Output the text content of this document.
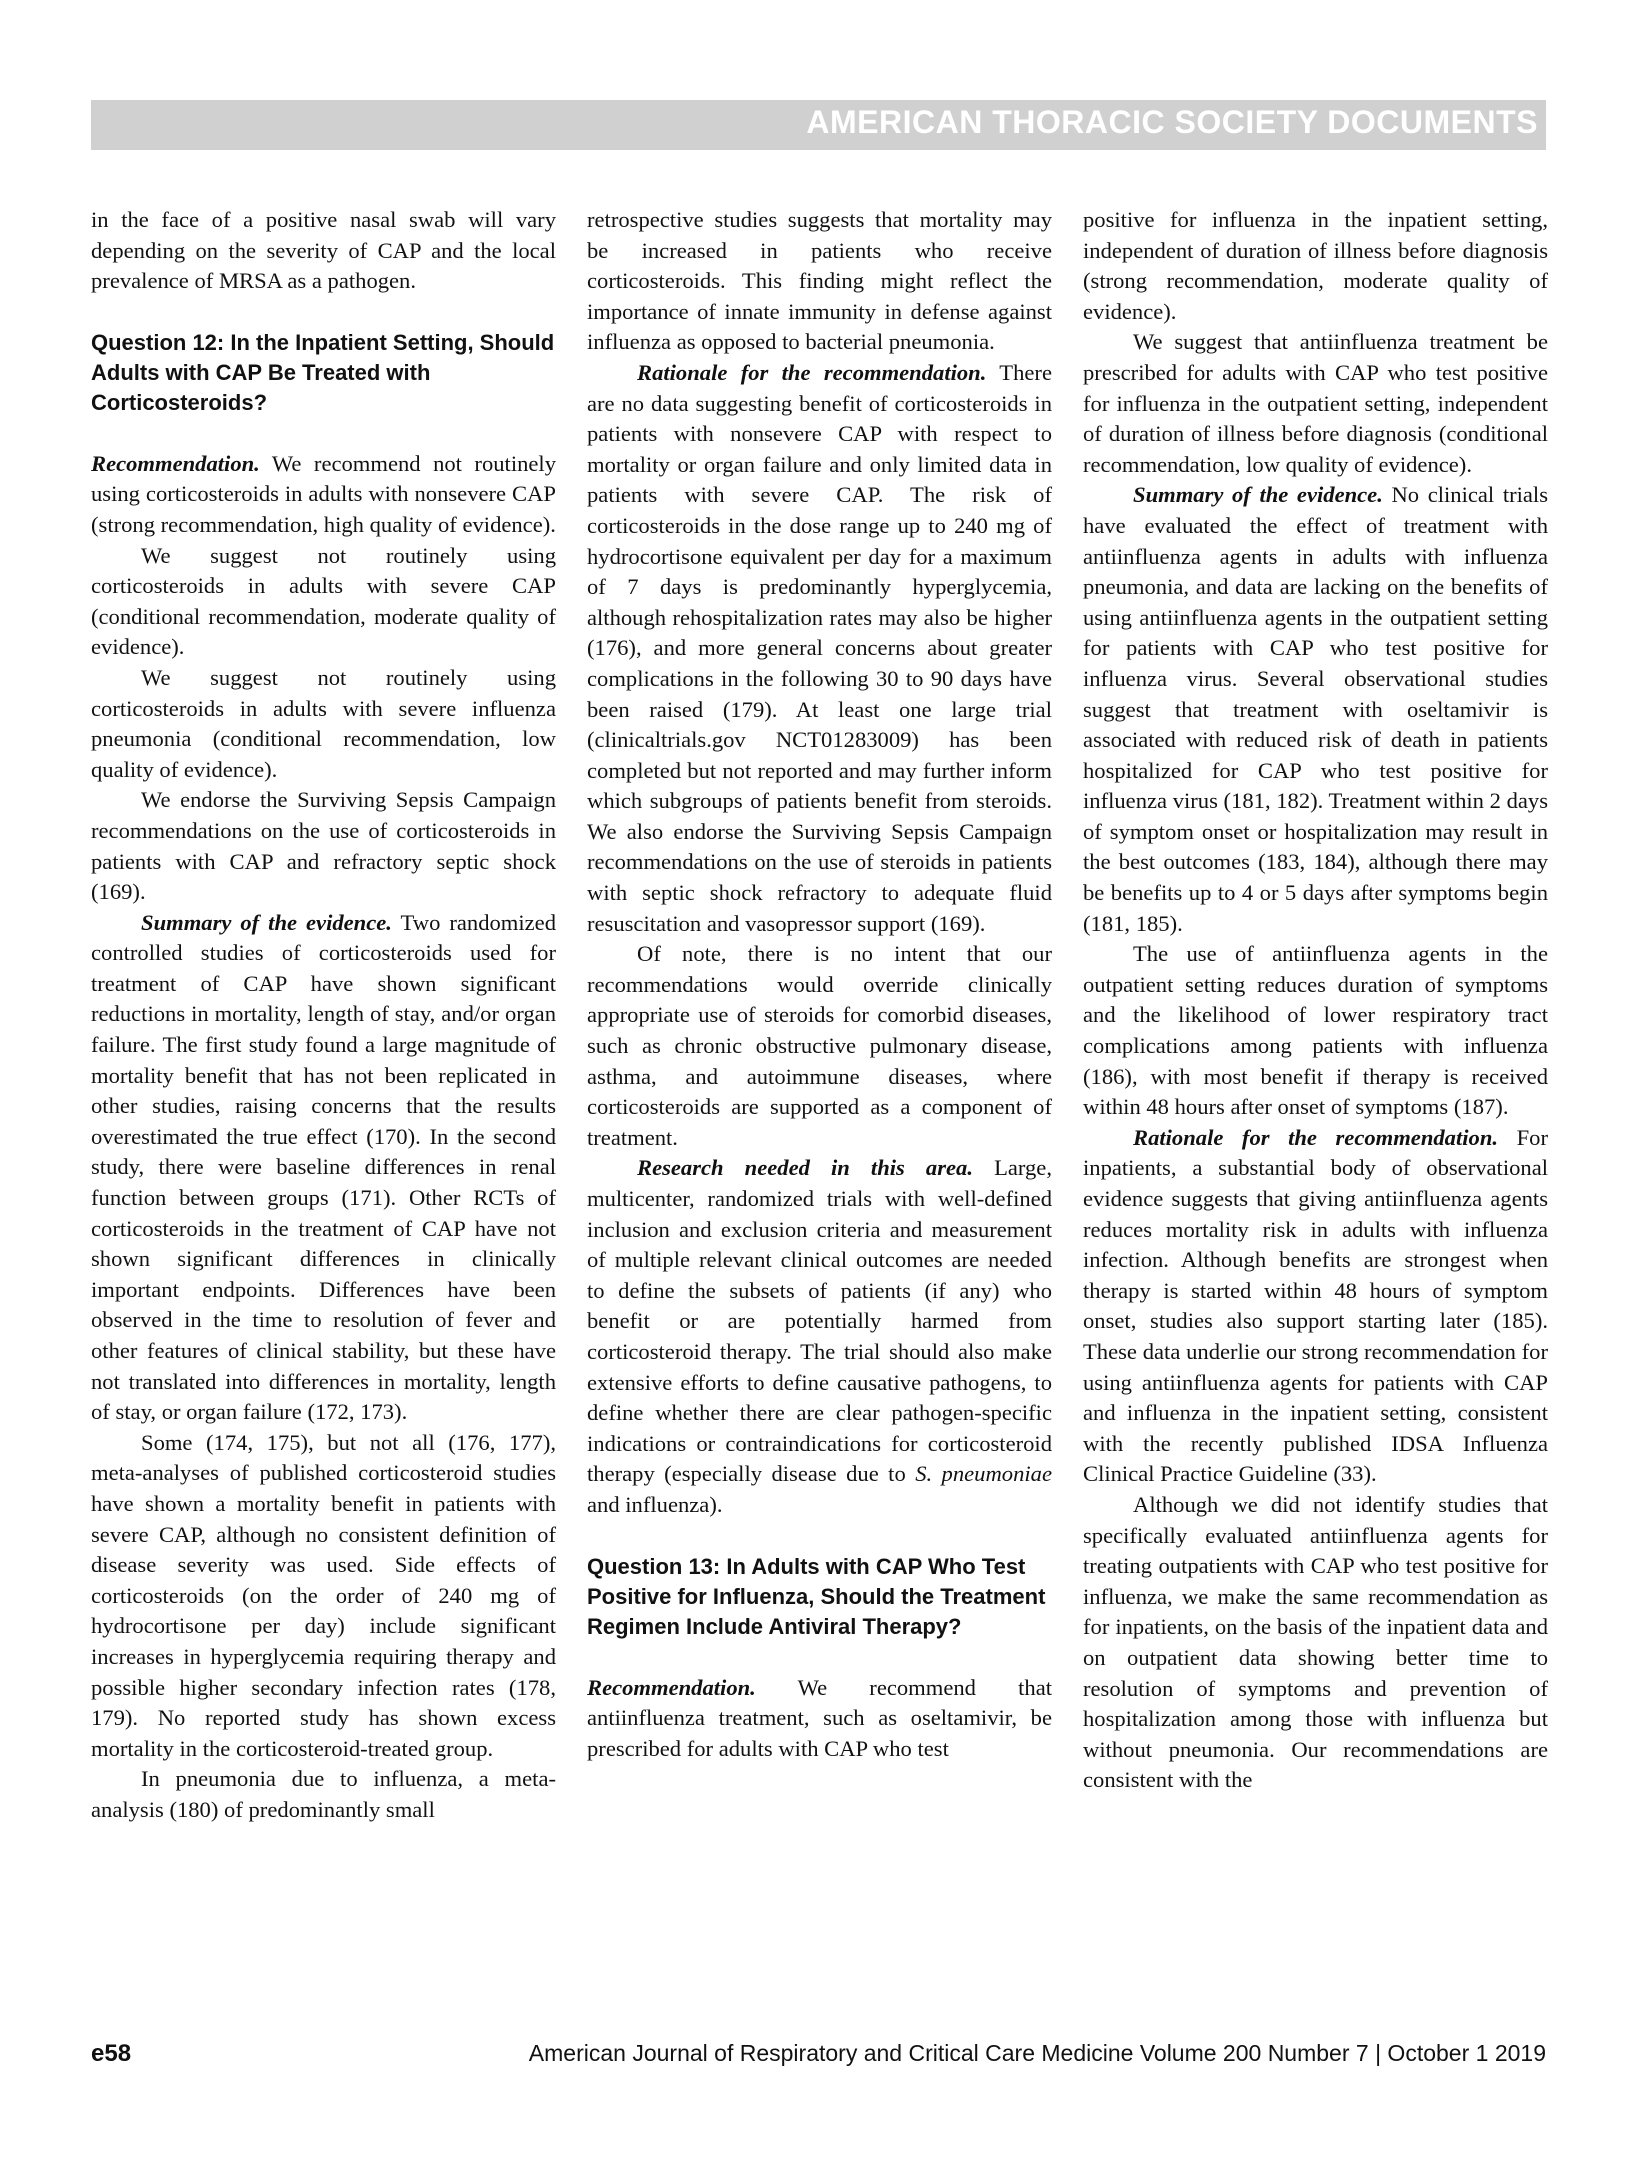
AMERICAN THORACIC SOCIETY DOCUMENTS

in the face of a positive nasal swab will vary depending on the severity of CAP and the local prevalence of MRSA as a pathogen.

Question 12: In the Inpatient Setting, Should Adults with CAP Be Treated with Corticosteroids?

Recommendation. We recommend not routinely using corticosteroids in adults with nonsevere CAP (strong recommendation, high quality of evidence).

We suggest not routinely using corticosteroids in adults with severe CAP (conditional recommendation, moderate quality of evidence).

We suggest not routinely using corticosteroids in adults with severe influenza pneumonia (conditional recommendation, low quality of evidence).

We endorse the Surviving Sepsis Campaign recommendations on the use of corticosteroids in patients with CAP and refractory septic shock (169).

Summary of the evidence. Two randomized controlled studies of corticosteroids used for treatment of CAP have shown significant reductions in mortality, length of stay, and/or organ failure. The first study found a large magnitude of mortality benefit that has not been replicated in other studies, raising concerns that the results overestimated the true effect (170). In the second study, there were baseline differences in renal function between groups (171). Other RCTs of corticosteroids in the treatment of CAP have not shown significant differences in clinically important endpoints. Differences have been observed in the time to resolution of fever and other features of clinical stability, but these have not translated into differences in mortality, length of stay, or organ failure (172, 173).

Some (174, 175), but not all (176, 177), meta-analyses of published corticosteroid studies have shown a mortality benefit in patients with severe CAP, although no consistent definition of disease severity was used. Side effects of corticosteroids (on the order of 240 mg of hydrocortisone per day) include significant increases in hyperglycemia requiring therapy and possible higher secondary infection rates (178, 179). No reported study has shown excess mortality in the corticosteroid-treated group.

In pneumonia due to influenza, a meta-analysis (180) of predominantly small

retrospective studies suggests that mortality may be increased in patients who receive corticosteroids. This finding might reflect the importance of innate immunity in defense against influenza as opposed to bacterial pneumonia.

Rationale for the recommendation. There are no data suggesting benefit of corticosteroids in patients with nonsevere CAP with respect to mortality or organ failure and only limited data in patients with severe CAP. The risk of corticosteroids in the dose range up to 240 mg of hydrocortisone equivalent per day for a maximum of 7 days is predominantly hyperglycemia, although rehospitalization rates may also be higher (176), and more general concerns about greater complications in the following 30 to 90 days have been raised (179). At least one large trial (clinicaltrials.gov NCT01283009) has been completed but not reported and may further inform which subgroups of patients benefit from steroids. We also endorse the Surviving Sepsis Campaign recommendations on the use of steroids in patients with septic shock refractory to adequate fluid resuscitation and vasopressor support (169).

Of note, there is no intent that our recommendations would override clinically appropriate use of steroids for comorbid diseases, such as chronic obstructive pulmonary disease, asthma, and autoimmune diseases, where corticosteroids are supported as a component of treatment.

Research needed in this area. Large, multicenter, randomized trials with well-defined inclusion and exclusion criteria and measurement of multiple relevant clinical outcomes are needed to define the subsets of patients (if any) who benefit or are potentially harmed from corticosteroid therapy. The trial should also make extensive efforts to define causative pathogens, to define whether there are clear pathogen-specific indications or contraindications for corticosteroid therapy (especially disease due to S. pneumoniae and influenza).

Question 13: In Adults with CAP Who Test Positive for Influenza, Should the Treatment Regimen Include Antiviral Therapy?

Recommendation. We recommend that antiinfluenza treatment, such as oseltamivir, be prescribed for adults with CAP who test

positive for influenza in the inpatient setting, independent of duration of illness before diagnosis (strong recommendation, moderate quality of evidence).

We suggest that antiinfluenza treatment be prescribed for adults with CAP who test positive for influenza in the outpatient setting, independent of duration of illness before diagnosis (conditional recommendation, low quality of evidence).

Summary of the evidence. No clinical trials have evaluated the effect of treatment with antiinfluenza agents in adults with influenza pneumonia, and data are lacking on the benefits of using antiinfluenza agents in the outpatient setting for patients with CAP who test positive for influenza virus. Several observational studies suggest that treatment with oseltamivir is associated with reduced risk of death in patients hospitalized for CAP who test positive for influenza virus (181, 182). Treatment within 2 days of symptom onset or hospitalization may result in the best outcomes (183, 184), although there may be benefits up to 4 or 5 days after symptoms begin (181, 185).

The use of antiinfluenza agents in the outpatient setting reduces duration of symptoms and the likelihood of lower respiratory tract complications among patients with influenza (186), with most benefit if therapy is received within 48 hours after onset of symptoms (187).

Rationale for the recommendation. For inpatients, a substantial body of observational evidence suggests that giving antiinfluenza agents reduces mortality risk in adults with influenza infection. Although benefits are strongest when therapy is started within 48 hours of symptom onset, studies also support starting later (185). These data underlie our strong recommendation for using antiinfluenza agents for patients with CAP and influenza in the inpatient setting, consistent with the recently published IDSA Influenza Clinical Practice Guideline (33).

Although we did not identify studies that specifically evaluated antiinfluenza agents for treating outpatients with CAP who test positive for influenza, we make the same recommendation as for inpatients, on the basis of the inpatient data and on outpatient data showing better time to resolution of symptoms and prevention of hospitalization among those with influenza but without pneumonia. Our recommendations are consistent with the

e58	American Journal of Respiratory and Critical Care Medicine Volume 200 Number 7 | October 1 2019
